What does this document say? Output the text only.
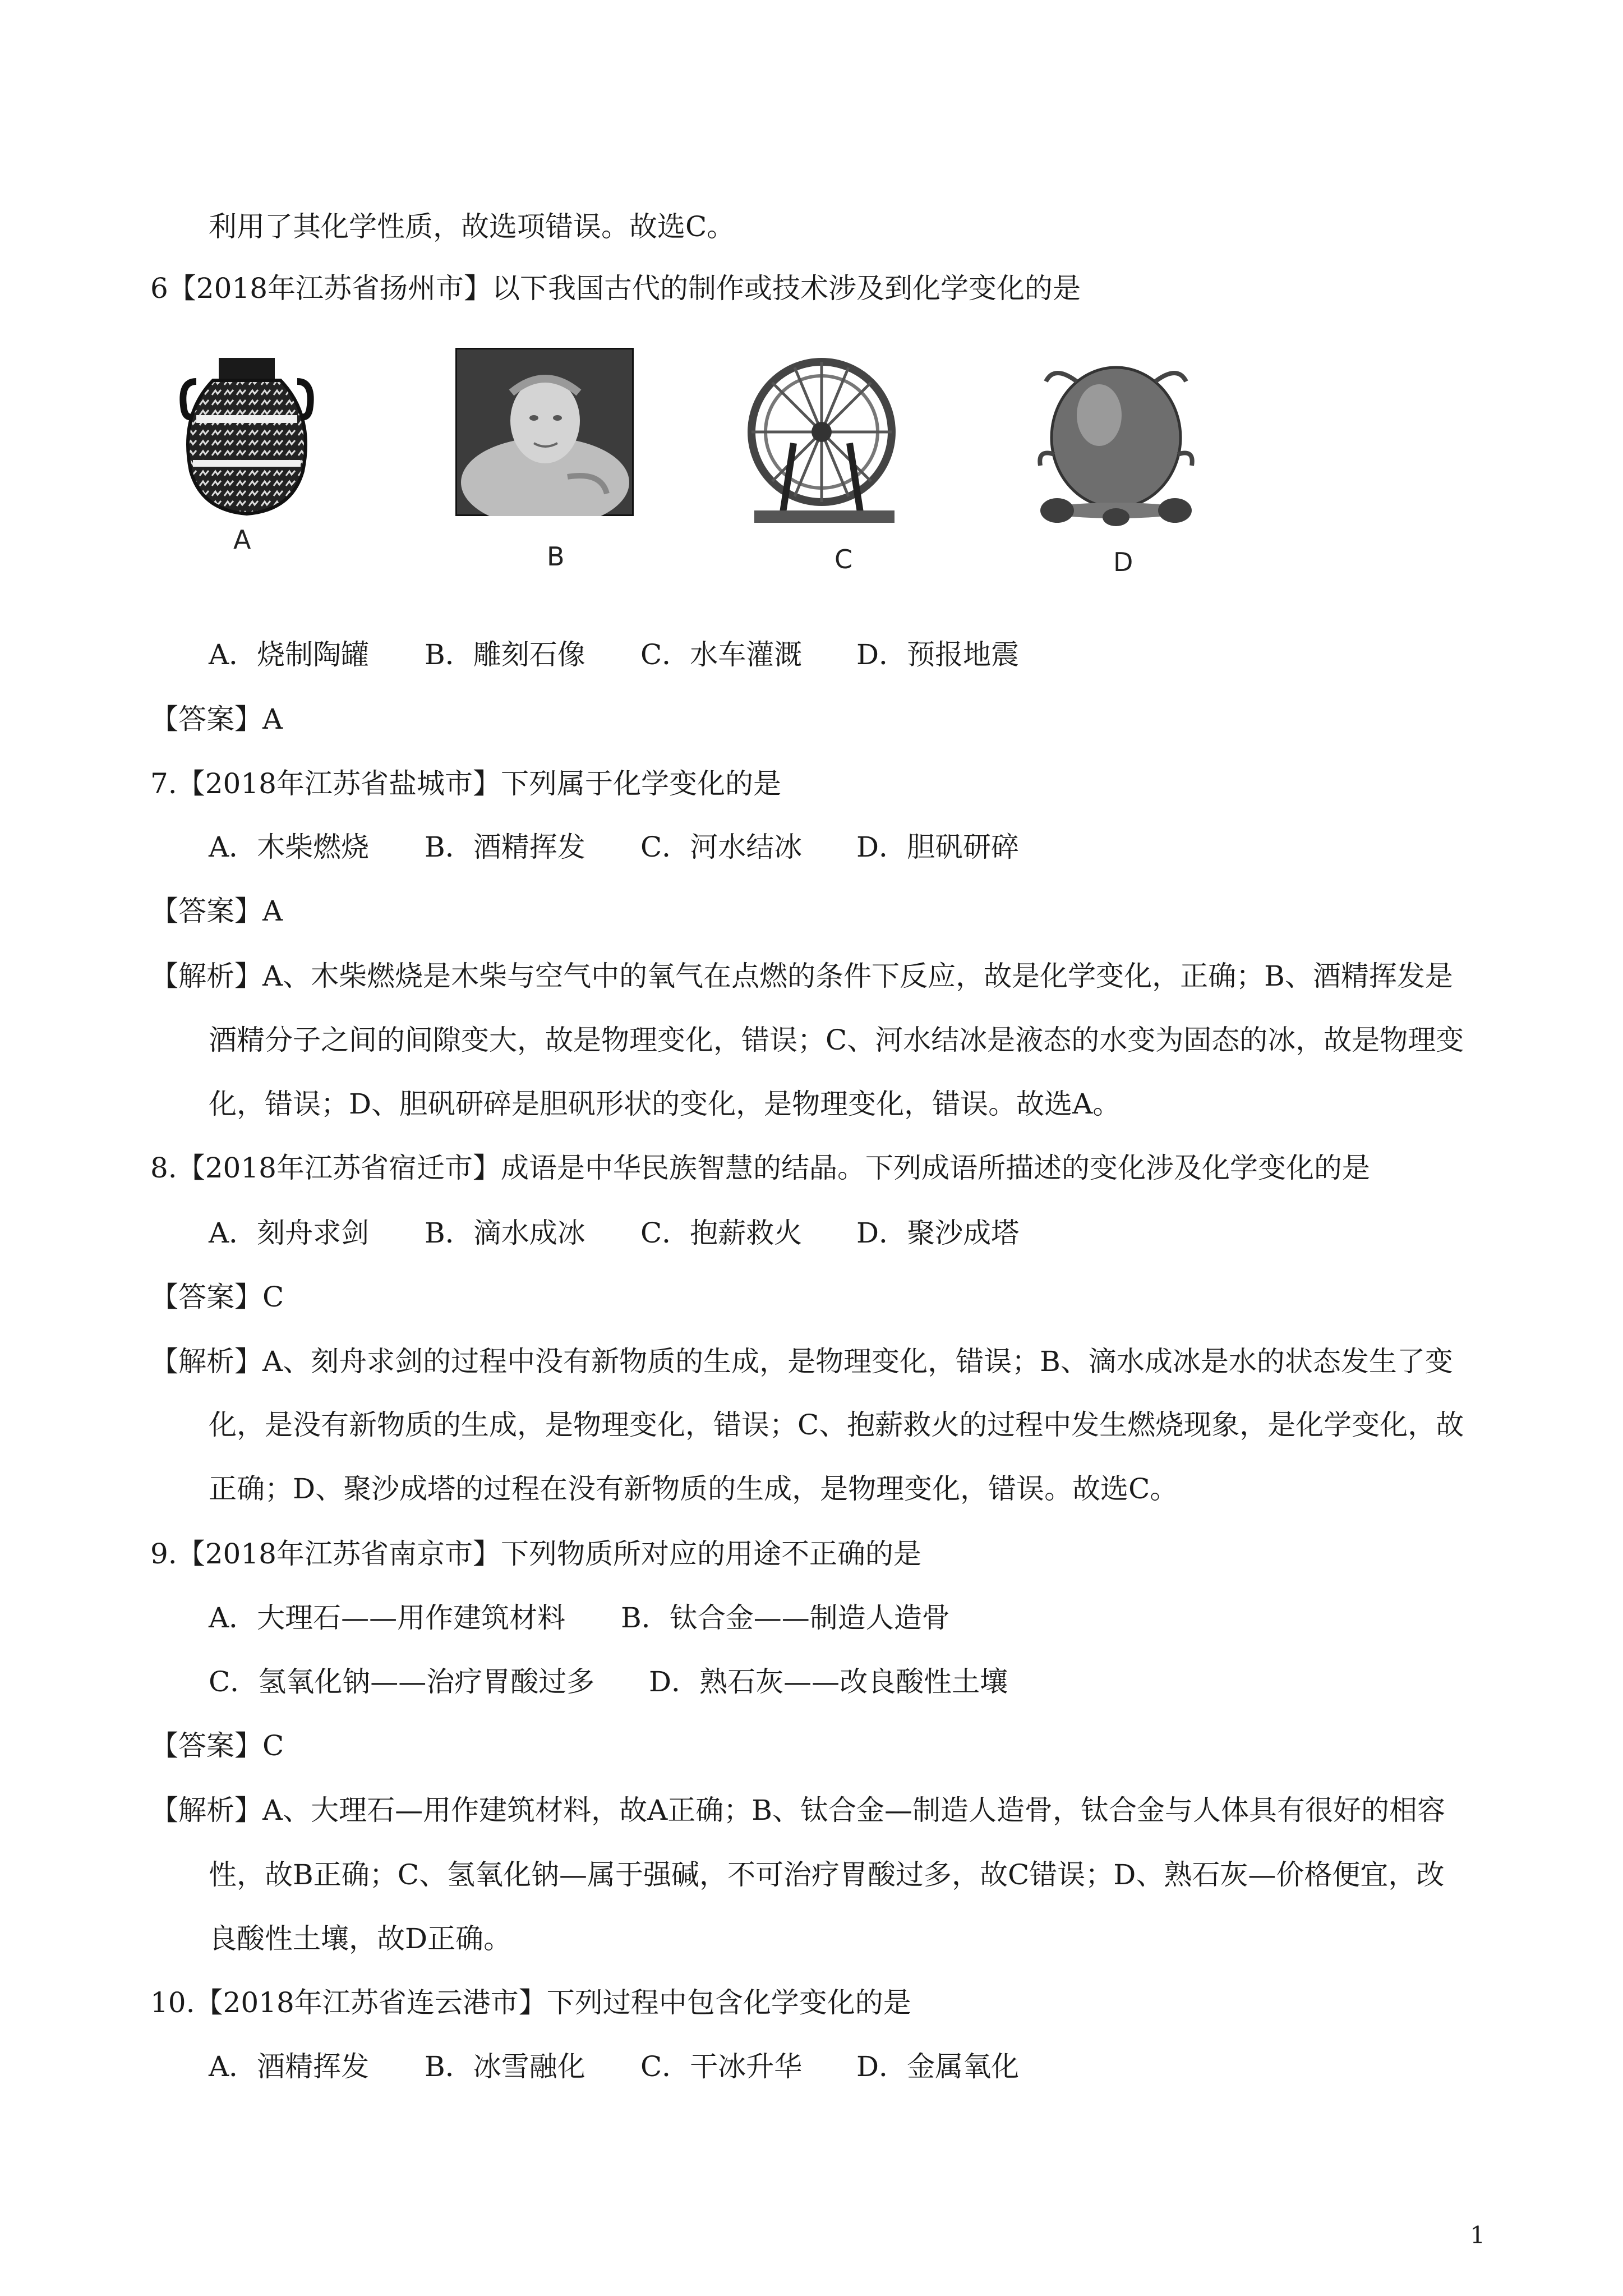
利用了其化学性质，故选项错误。故选C。
6【2018年江苏省扬州市】以下我国古代的制作或技术涉及到化学变化的是
A
B	C	D
A．烧制陶罐 B．雕刻石像 C．水车灌溉 D．预报地震
【答案】A
7.【2018年江苏省盐城市】下列属于化学变化的是
A．木柴燃烧 B．酒精挥发 C．河水结冰 D．胆矾研碎
【答案】A
【解析】A、木柴燃烧是木柴与空气中的氧气在点燃的条件下反应，故是化学变化，正确；B、酒精挥发是
酒精分子之间的间隙变大，故是物理变化，错误；C、河水结冰是液态的水变为固态的冰，故是物理变
化，错误；D、胆矾研碎是胆矾形状的变化，是物理变化，错误。故选A。
8.【2018年江苏省宿迁市】成语是中华民族智慧的结晶。下列成语所描述的变化涉及化学变化的是
A．刻舟求剑 B．滴水成冰 C．抱薪救火 D．聚沙成塔
【答案】C
【解析】A、刻舟求剑的过程中没有新物质的生成，是物理变化，错误；B、滴水成冰是水的状态发生了变
化，是没有新物质的生成，是物理变化，错误；C、抱薪救火的过程中发生燃烧现象，是化学变化，故
正确；D、聚沙成塔的过程在没有新物质的生成，是物理变化，错误。故选C。
9.【2018年江苏省南京市】下列物质所对应的用途不正确的是
A．大理石——用作建筑材料 B．钛合金——制造人造骨
C．氢氧化钠——治疗胃酸过多 D．熟石灰——改良酸性土壤
【答案】C
【解析】A、大理石—用作建筑材料，故A正确；B、钛合金—制造人造骨，钛合金与人体具有很好的相容
性，故B正确；C、氢氧化钠—属于强碱，不可治疗胃酸过多，故C错误；D、熟石灰—价格便宜，改
良酸性土壤，故D正确。
10.【2018年江苏省连云港市】下列过程中包含化学变化的是
A．酒精挥发 B．冰雪融化 C．干冰升华 D．金属氧化
1
